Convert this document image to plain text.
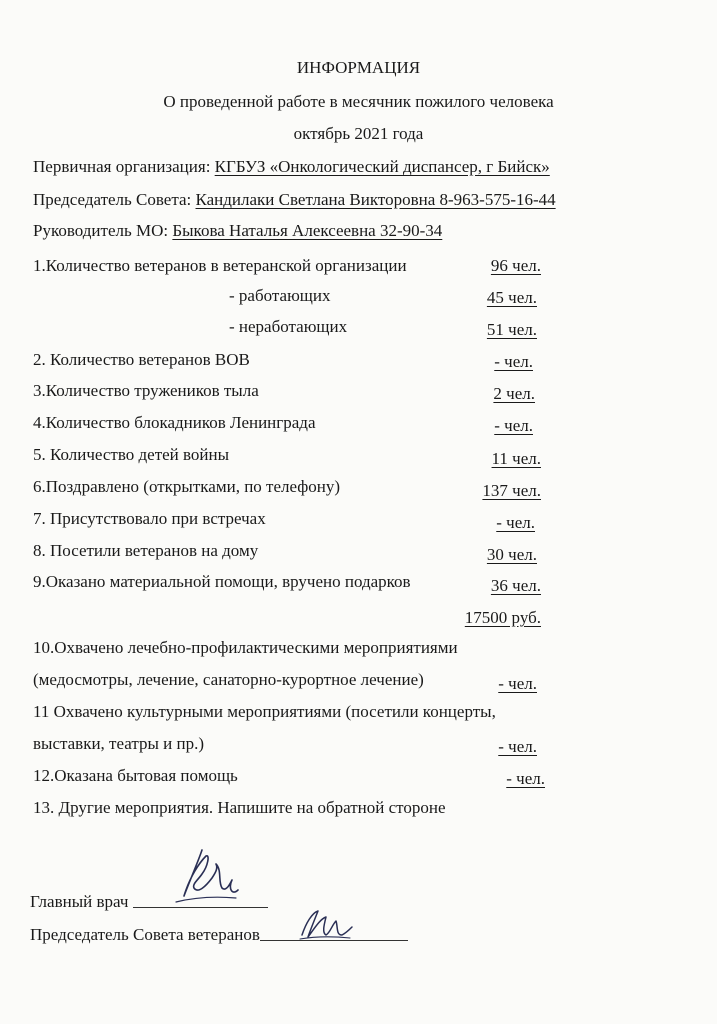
ИНФОРМАЦИЯ
О проведенной работе в месячник пожилого человека
октябрь 2021 года
Первичная организация: КГБУЗ «Онкологический диспансер, г Бийск»
Председатель Совета: Кандилаки Светлана Викторовна 8-963-575-16-44
Руководитель МО: Быкова Наталья Алексеевна 32-90-34
1.Количество ветеранов в ветеранской организации	96 чел.
- работающих	45 чел.
- неработающих	51 чел.
2. Количество ветеранов ВОВ	- чел.
3.Количество тружеников тыла	2 чел.
4.Количество блокадников Ленинграда	- чел.
5. Количество детей войны	11 чел.
6.Поздравлено (открытками, по телефону)	137 чел.
7. Присутствовало при встречах	- чел.
8. Посетили ветеранов на дому	30 чел.
9.Оказано материальной помощи, вручено подарков	36 чел.
17500 руб.
10.Охвачено лечебно-профилактическими мероприятиями
(медосмотры, лечение, санаторно-курортное лечение)	- чел.
11 Охвачено культурными мероприятиями (посетили концерты,
выставки, театры и пр.)	- чел.
12.Оказана бытовая помощь	- чел.
13. Другие мероприятия. Напишите на обратной стороне
Главный врач
Председатель Совета ветеранов
